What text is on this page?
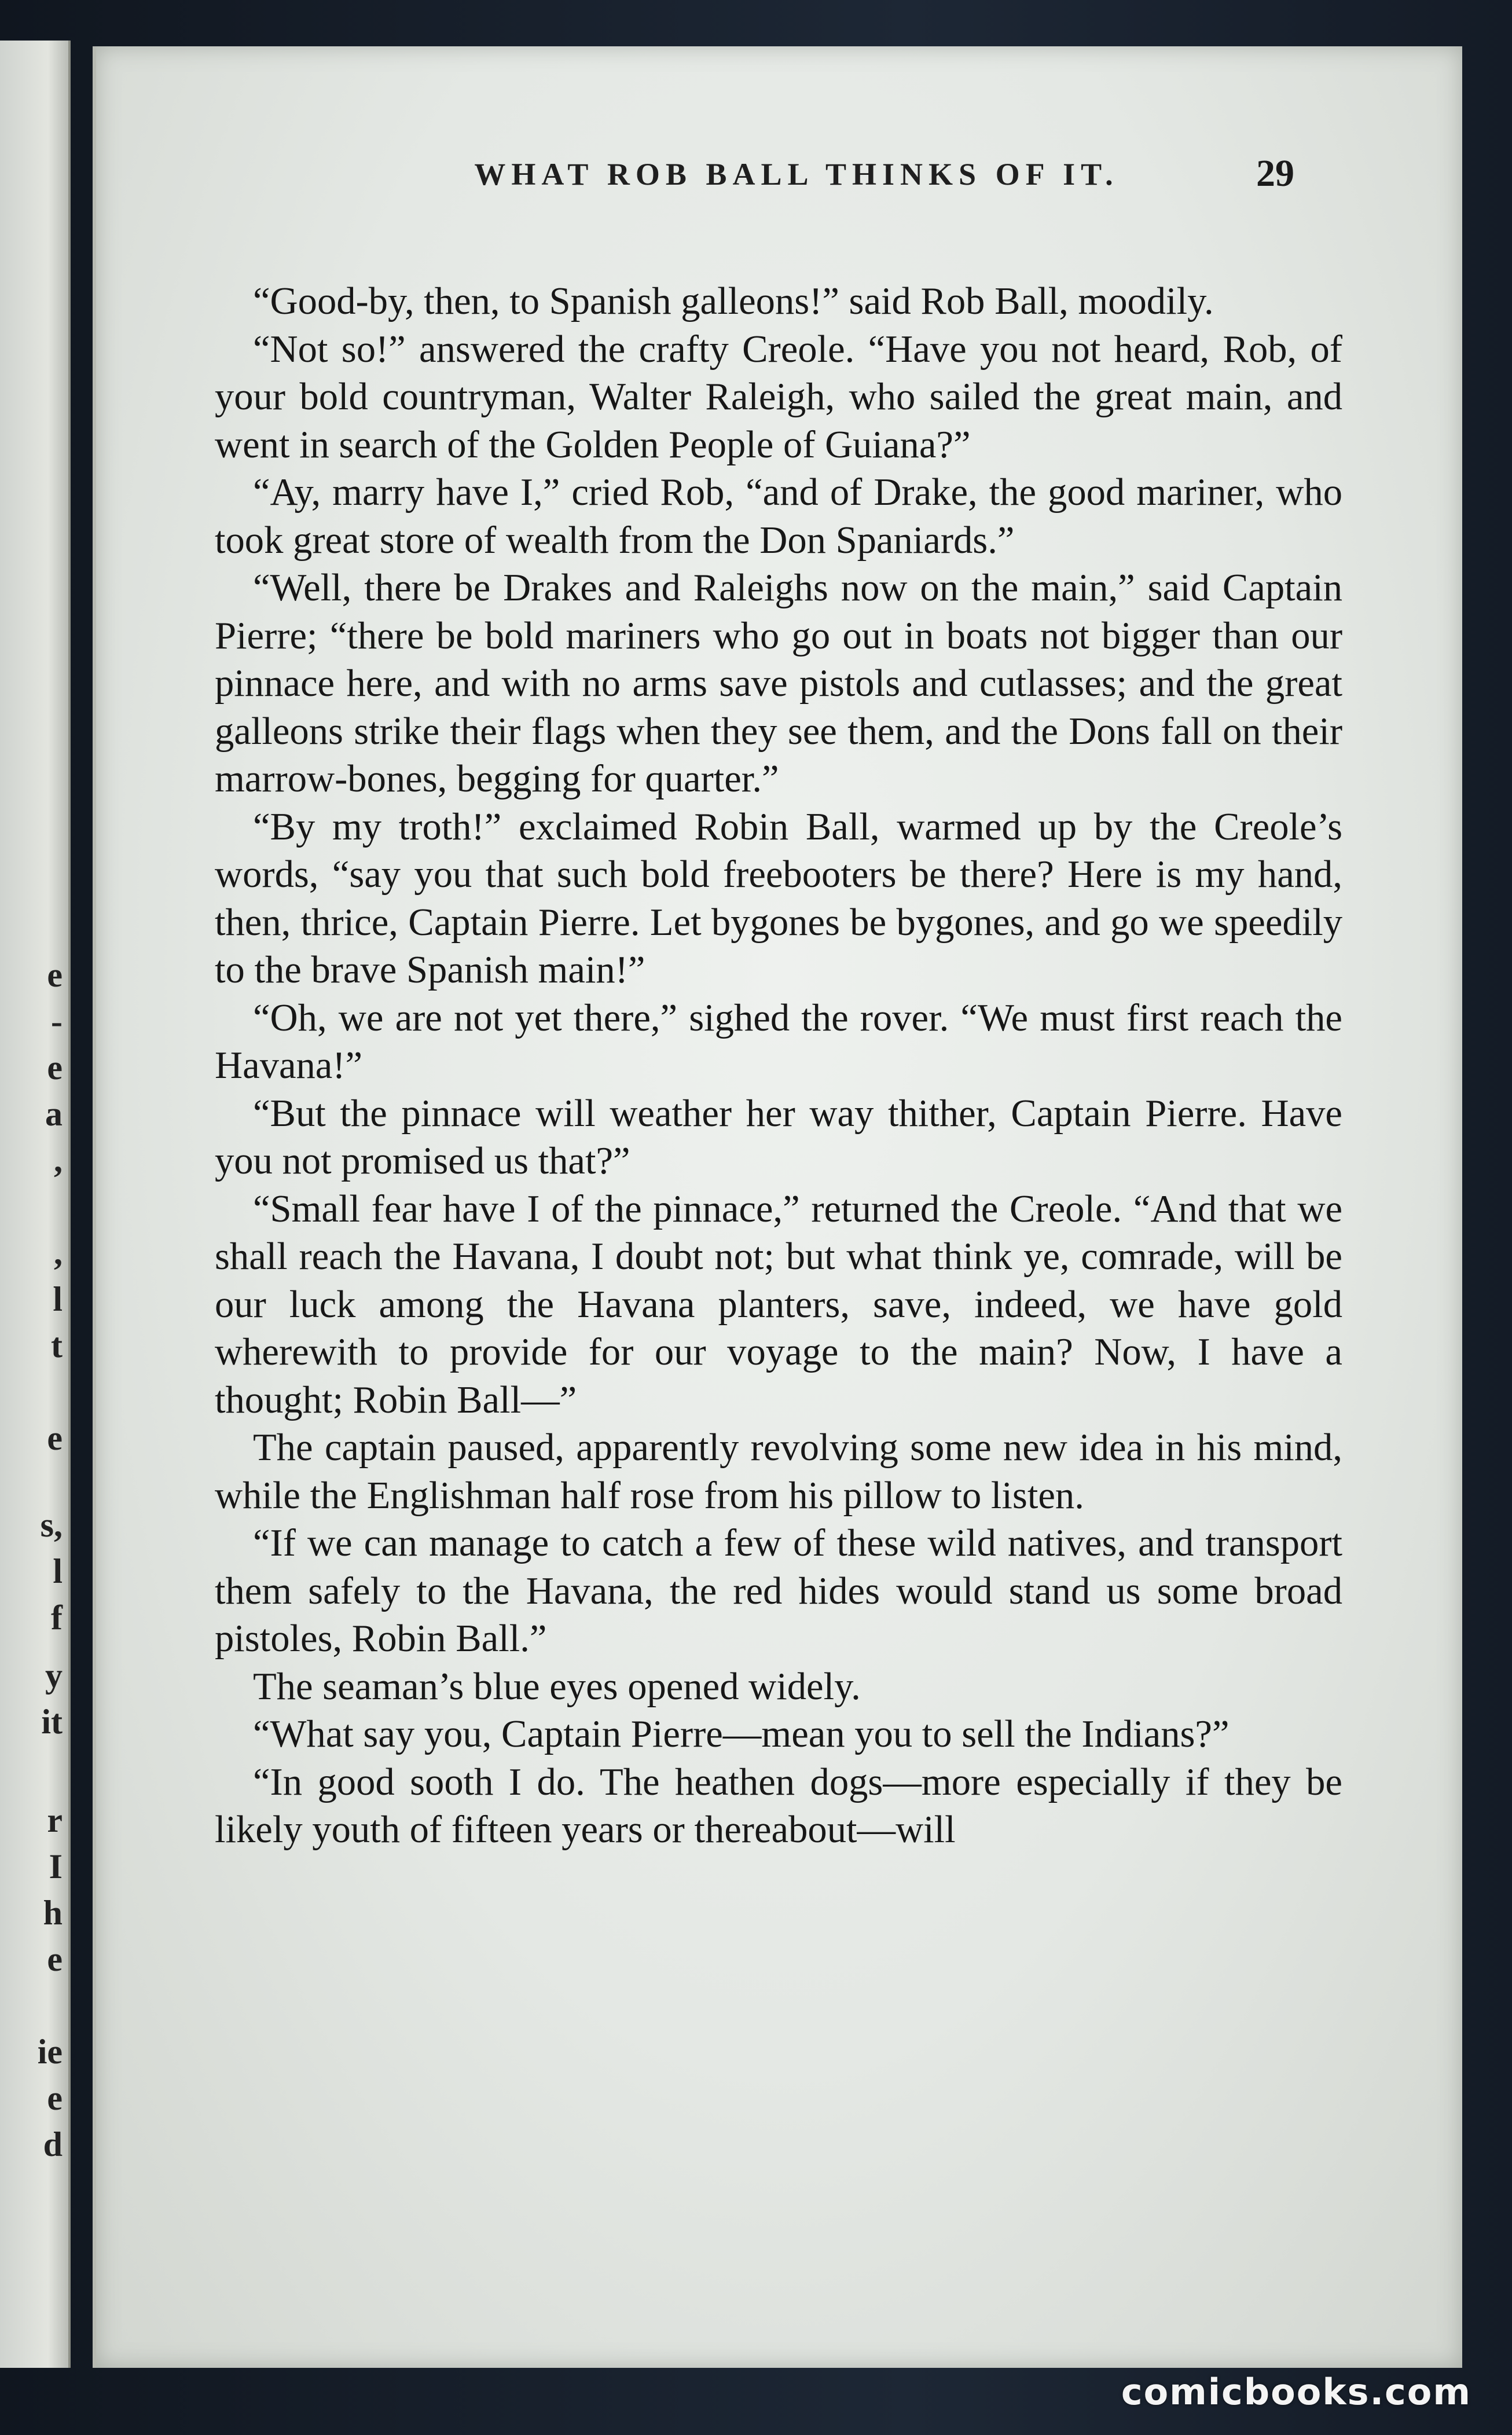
e
-
e
a
,
,
l
t
e
s,
l
f
y
it
r
I
h
e
ie
e
d
WHAT ROB BALL THINKS OF IT.	29

“Good-by, then, to Spanish galleons!” said Rob Ball, moodily.

“Not so!” answered the crafty Creole. “Have you not heard, Rob, of your bold countryman, Walter Raleigh, who sailed the great main, and went in search of the Golden People of Guiana?”

“Ay, marry have I,” cried Rob, “and of Drake, the good mariner, who took great store of wealth from the Don Spaniards.”

“Well, there be Drakes and Raleighs now on the main,” said Captain Pierre; “there be bold mariners who go out in boats not bigger than our pinnace here, and with no arms save pistols and cutlasses; and the great galleons strike their flags when they see them, and the Dons fall on their marrow-bones, begging for quarter.”

“By my troth!” exclaimed Robin Ball, warmed up by the Creole’s words, “say you that such bold freebooters be there? Here is my hand, then, thrice, Captain Pierre. Let bygones be bygones, and go we speedily to the brave Spanish main!”

“Oh, we are not yet there,” sighed the rover. “We must first reach the Havana!”

“But the pinnace will weather her way thither, Captain Pierre. Have you not promised us that?”

“Small fear have I of the pinnace,” returned the Creole. “And that we shall reach the Havana, I doubt not; but what think ye, comrade, will be our luck among the Havana planters, save, indeed, we have gold wherewith to provide for our voyage to the main? Now, I have a thought; Robin Ball—”

The captain paused, apparently revolving some new idea in his mind, while the Englishman half rose from his pillow to listen.

“If we can manage to catch a few of these wild natives, and transport them safely to the Havana, the red hides would stand us some broad pistoles, Robin Ball.”

The seaman’s blue eyes opened widely.

“What say you, Captain Pierre—mean you to sell the Indians?”

“In good sooth I do. The heathen dogs—more especially if they be likely youth of fifteen years or thereabout—will

comicbooks.com
